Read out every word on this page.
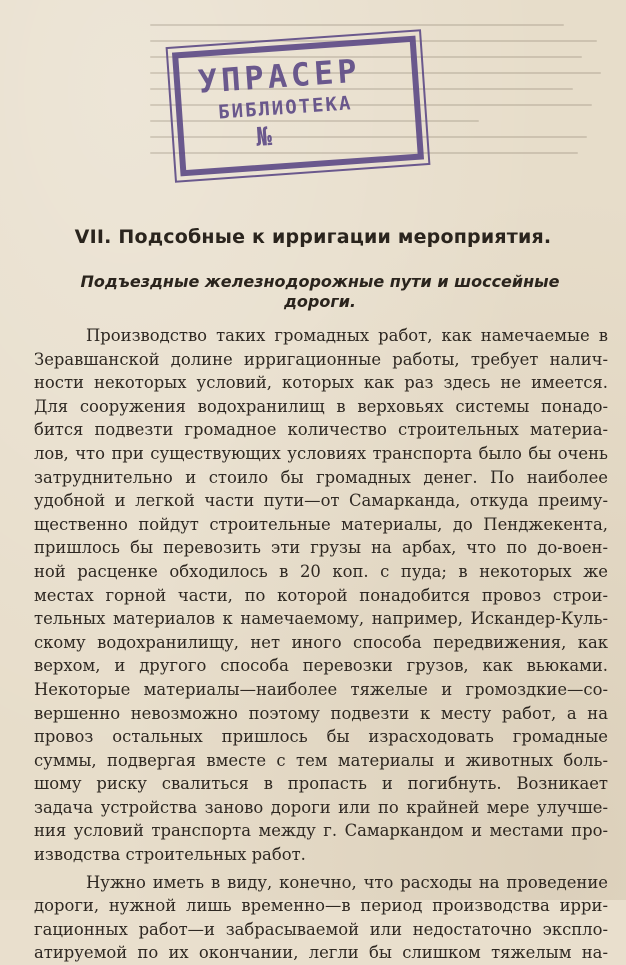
УПРАСЕР
БИБЛИОТЕКА
№
VII. Подсобные к ирригации мероприятия.
Подъездные железнодорожные пути и шоссейные
дороги.
Производство таких громадных работ, как намечаемые в
Зеравшанской долине ирригационные работы, требует налич-
ности некоторых условий, которых как раз здесь не имеется.
Для сооружения водохранилищ в верховьях системы понадо-
бится подвезти громадное количество строительных материа-
лов, что при существующих условиях транспорта было бы очень
затруднительно и стоило бы громадных денег. По наиболее
удобной и легкой части пути—от Самарканда, откуда преиму-
щественно пойдут строительные материалы, до Пенджекента,
пришлось бы перевозить эти грузы на арбах, что по до-воен-
ной расценке обходилось в 20 коп. с пуда; в некоторых же
местах горной части, по которой понадобится провоз строи-
тельных материалов к намечаемому, например, Искандер-Куль-
скому водохранилищу, нет иного способа передвижения, как
верхом, и другого способа перевозки грузов, как вьюками.
Некоторые материалы—наиболее тяжелые и громоздкие—со-
вершенно невозможно поэтому подвезти к месту работ, а на
провоз остальных пришлось бы израсходовать громадные
суммы, подвергая вместе с тем материалы и животных боль-
шому риску свалиться в пропасть и погибнуть. Возникает
задача устройства заново дороги или по крайней мере улучше-
ния условий транспорта между г. Самаркандом и местами про-
изводства строительных работ.
Нужно иметь в виду, конечно, что расходы на проведение
дороги, нужной лишь временно—в период производства ирри-
гационных работ—и забрасываемой или недостаточно экспло-
атируемой по их окончании, легли бы слишком тяжелым на-
